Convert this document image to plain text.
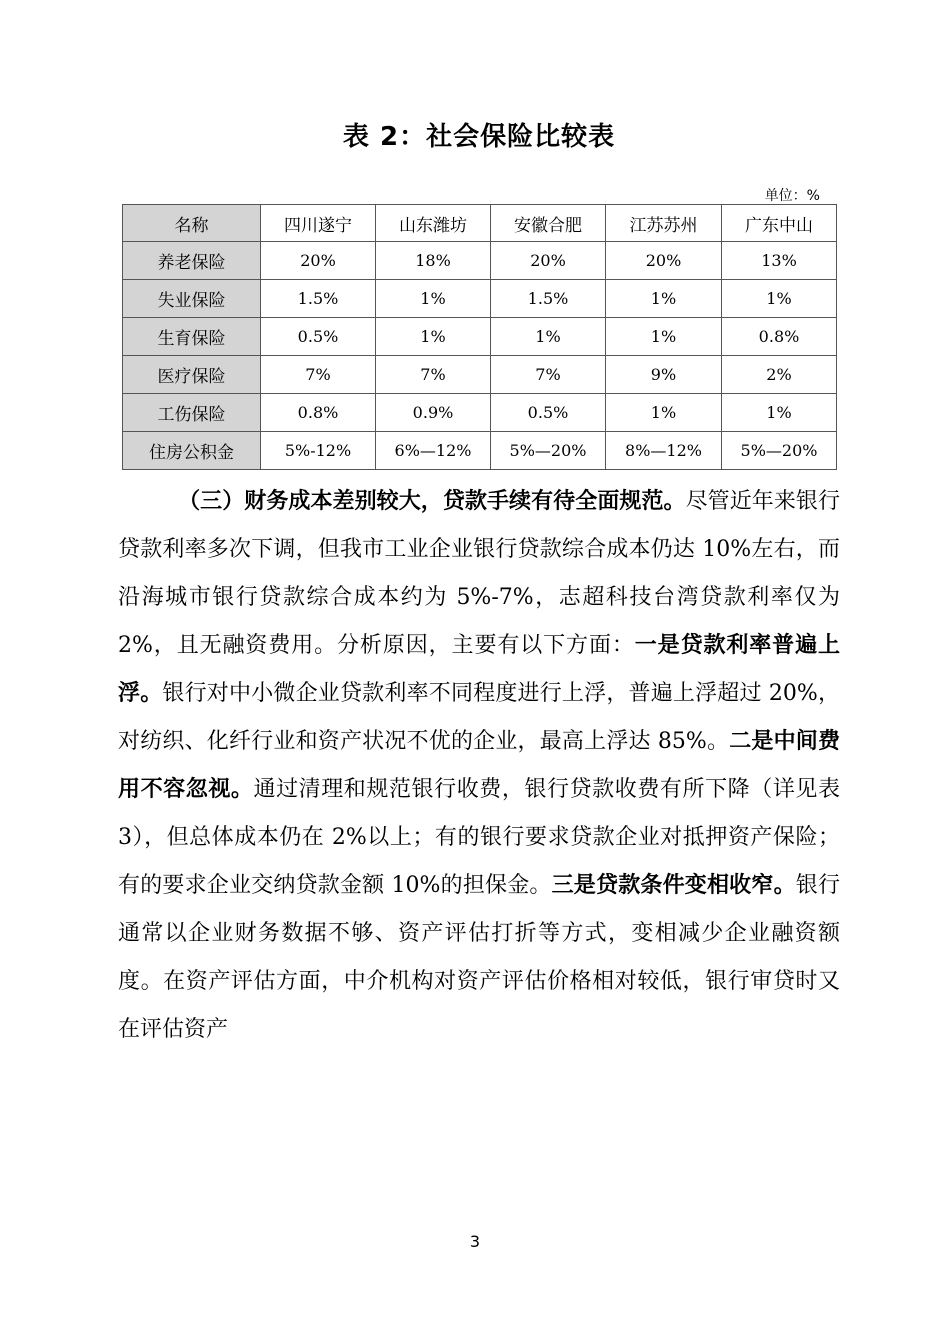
表 2：社会保险比较表
单位：%
名称	四川遂宁	山东潍坊	安徽合肥	江苏苏州	广东中山
养老保险	20%	18%	20%	20%	13%
失业保险	1.5%	1%	1.5%	1%	1%
生育保险	0.5%	1%	1%	1%	0.8%
医疗保险	7%	7%	7%	9%	2%
工伤保险	0.8%	0.9%	0.5%	1%	1%
住房公积金	5%-12%	6%—12%	5%—20%	8%—12%	5%—20%

（三）财务成本差别较大，贷款手续有待全面规范。尽管近年来银行贷款利率多次下调，但我市工业企业银行贷款综合成本仍达 10%左右，而沿海城市银行贷款综合成本约为 5%-7%，志超科技台湾贷款利率仅为 2%，且无融资费用。分析原因，主要有以下方面：一是贷款利率普遍上浮。银行对中小微企业贷款利率不同程度进行上浮，普遍上浮超过 20%，对纺织、化纤行业和资产状况不优的企业，最高上浮达 85%。二是中间费用不容忽视。通过清理和规范银行收费，银行贷款收费有所下降（详见表 3），但总体成本仍在 2%以上；有的银行要求贷款企业对抵押资产保险；有的要求企业交纳贷款金额 10%的担保金。三是贷款条件变相收窄。银行通常以企业财务数据不够、资产评估打折等方式，变相减少企业融资额度。在资产评估方面，中介机构对资产评估价格相对较低，银行审贷时又在评估资产

3
